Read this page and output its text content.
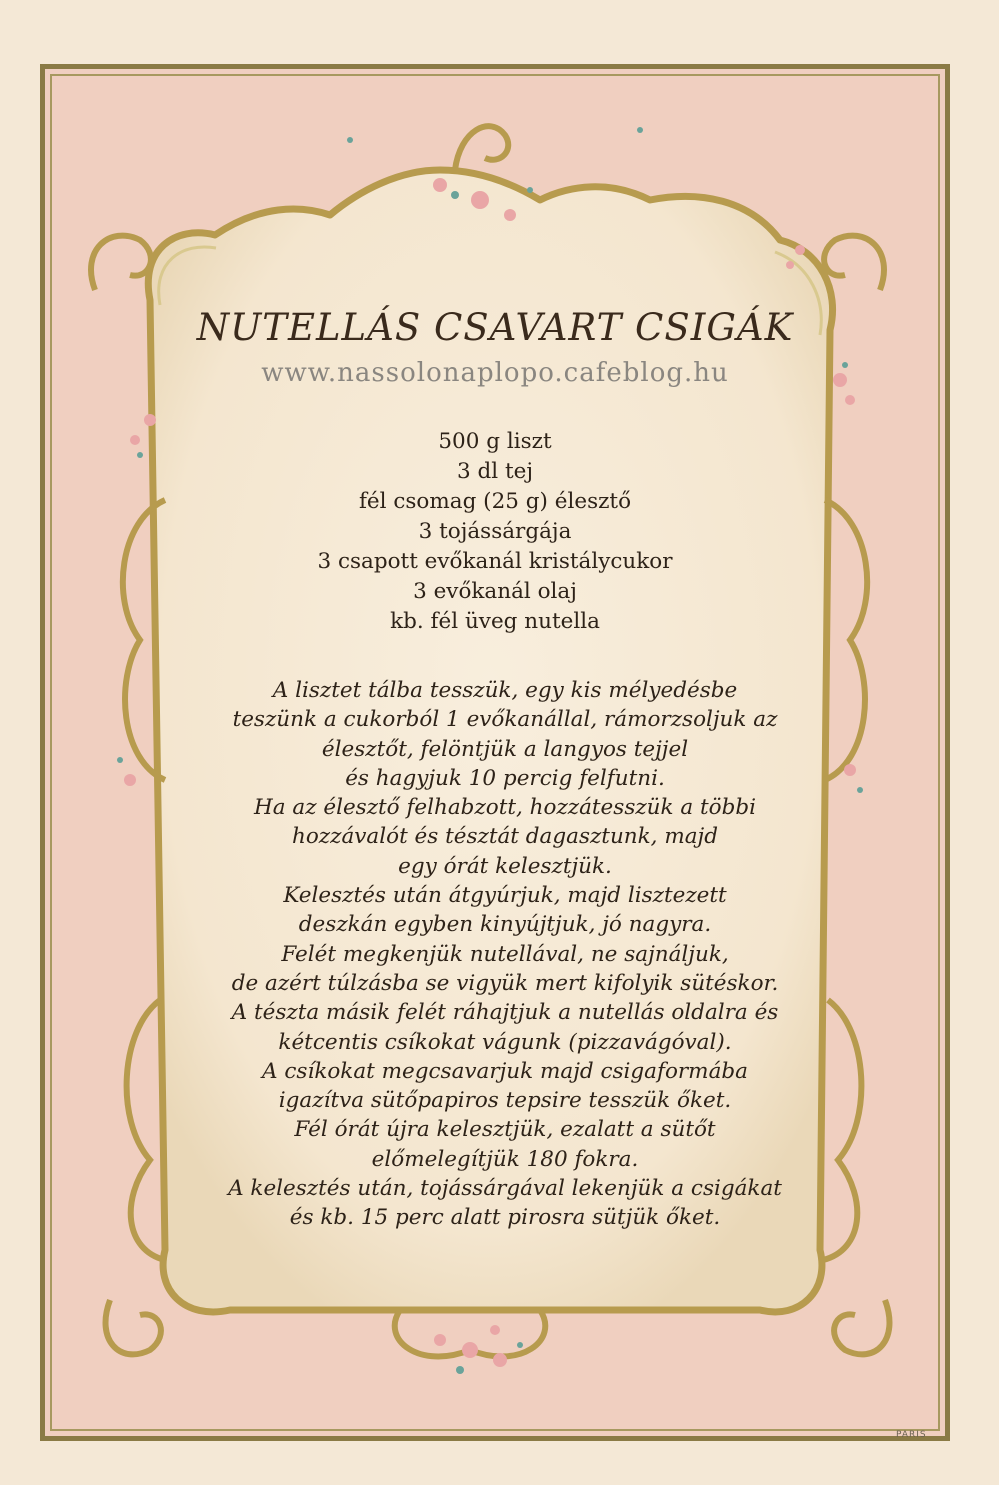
NUTELLÁS CSAVART CSIGÁK
www.nassolonaplopo.cafeblog.hu
500 g liszt
3 dl tej
fél csomag (25 g) élesztő
3 tojássárgája
3 csapott evőkanál kristálycukor
3 evőkanál olaj
kb. fél üveg nutella
A lisztet tálba tesszük, egy kis mélyedésbe
teszünk a cukorból 1 evőkanállal, rámorzsoljuk az
élesztőt, felöntjük a langyos tejjel
és hagyjuk 10 percig felfutni.
Ha az élesztő felhabzott, hozzátesszük a többi
hozzávalót és tésztát dagasztunk, majd
egy órát kelesztjük.
Kelesztés után átgyúrjuk, majd lisztezett
deszkán egyben kinyújtjuk, jó nagyra.
Felét megkenjük nutellával, ne sajnáljuk,
de azért túlzásba se vigyük mert kifolyik sütéskor.
A tészta másik felét ráhajtjuk a nutellás oldalra és
kétcentis csíkokat vágunk (pizzavágóval).
A csíkokat megcsavarjuk majd csigaformába
igazítva sütőpapiros tepsire tesszük őket.
Fél órát újra kelesztjük, ezalatt a sütőt
előmelegítjük 180 fokra.
A kelesztés után, tojássárgával lekenjük a csigákat
és kb. 15 perc alatt pirosra sütjük őket.
PARIS
